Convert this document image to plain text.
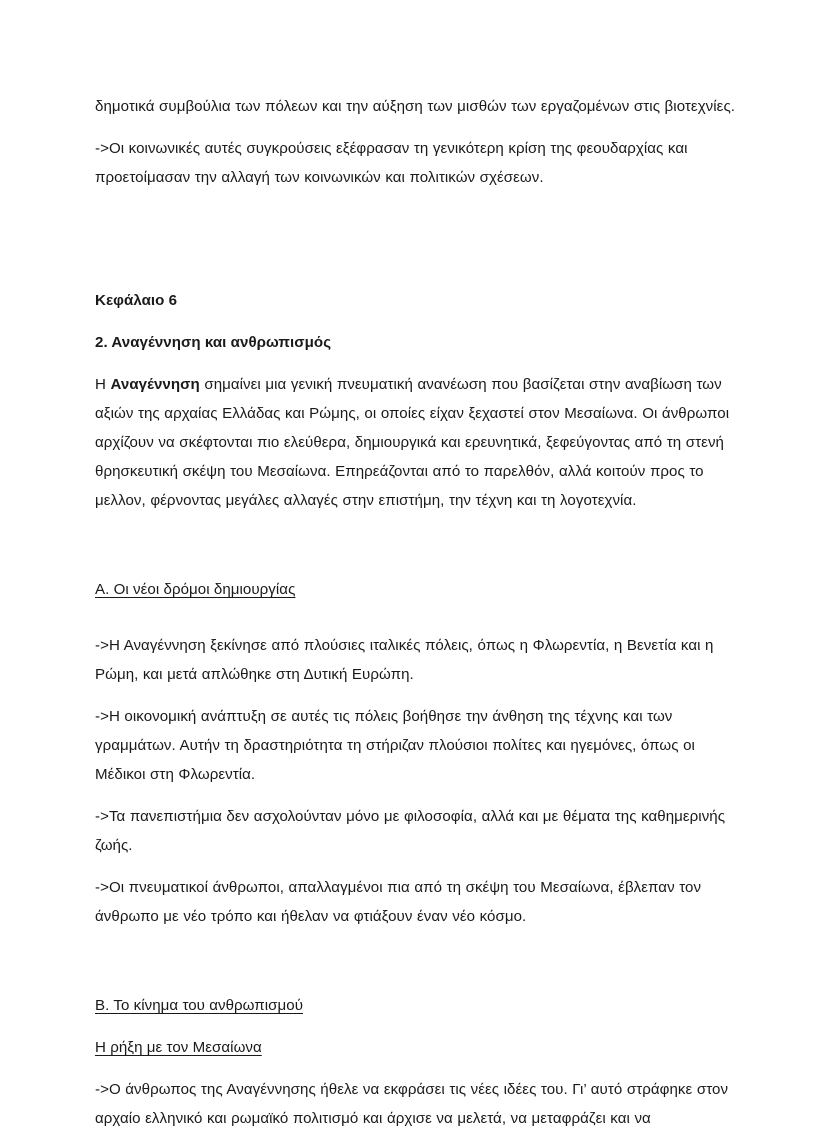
δημοτικά συμβούλια των πόλεων και την αύξηση των μισθών των εργαζομένων στις βιοτεχνίες.

->Οι κοινωνικές αυτές συγκρούσεις εξέφρασαν τη γενικότερη κρίση της φεουδαρχίας και προετοίμασαν την αλλαγή των κοινωνικών και πολιτικών σχέσεων.

Κεφάλαιο 6

2. Αναγέννηση και ανθρωπισμός

Η Αναγέννηση σημαίνει μια γενική πνευματική ανανέωση που βασίζεται στην αναβίωση των αξιών της αρχαίας Ελλάδας και Ρώμης, οι οποίες είχαν ξεχαστεί στον Μεσαίωνα. Οι άνθρωποι αρχίζουν να σκέφτονται πιο ελεύθερα, δημιουργικά και ερευνητικά, ξεφεύγοντας από τη στενή θρησκευτική σκέψη του Μεσαίωνα. Επηρεάζονται από το παρελθόν, αλλά κοιτούν προς το μελλον, φέρνοντας μεγάλες αλλαγές στην επιστήμη, την τέχνη και τη λογοτεχνία.

Α. Οι νέοι δρόμοι δημιουργίας

->Η Αναγέννηση ξεκίνησε από πλούσιες ιταλικές πόλεις, όπως η Φλωρεντία, η Βενετία και η Ρώμη, και μετά απλώθηκε στη Δυτική Ευρώπη.

->Η οικονομική ανάπτυξη σε αυτές τις πόλεις βοήθησε την άνθηση της τέχνης και των γραμμάτων. Αυτήν τη δραστηριότητα τη στήριζαν πλούσιοι πολίτες και ηγεμόνες, όπως οι Μέδικοι στη Φλωρεντία.

->Τα πανεπιστήμια δεν ασχολούνταν μόνο με φιλοσοφία, αλλά και με θέματα της καθημερινής ζωής.

->Οι πνευματικοί άνθρωποι, απαλλαγμένοι πια από τη σκέψη του Μεσαίωνα, έβλεπαν τον άνθρωπο με νέο τρόπο και ήθελαν να φτιάξουν έναν νέο κόσμο.

Β. Το κίνημα του ανθρωπισμού

Η ρήξη με τον Μεσαίωνα

->Ο άνθρωπος της Αναγέννησης ήθελε να εκφράσει τις νέες ιδέες του. Γι’ αυτό στράφηκε στον αρχαίο ελληνικό και ρωμαϊκό πολιτισμό και άρχισε να μελετά, να μεταφράζει και να
